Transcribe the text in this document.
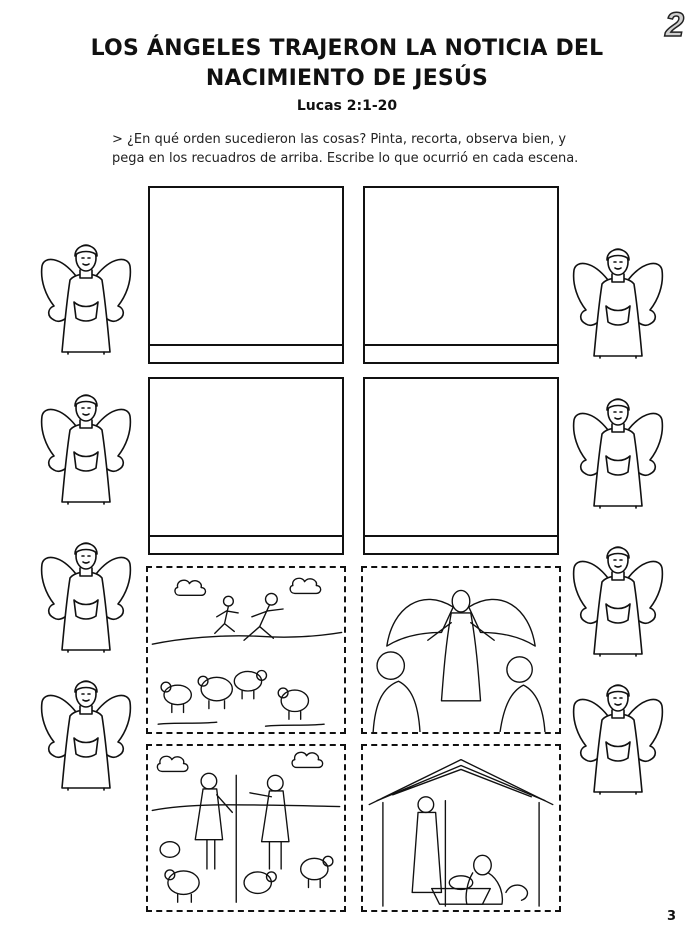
2
LOS ÁNGELES TRAJERON LA NOTICIA DEL
NACIMIENTO DE JESÚS
Lucas 2:1-20
> ¿En qué orden sucedieron las cosas? Pinta, recorta, observa bien, y pega en los recuadros de arriba. Escribe lo que ocurrió en cada escena.
3
